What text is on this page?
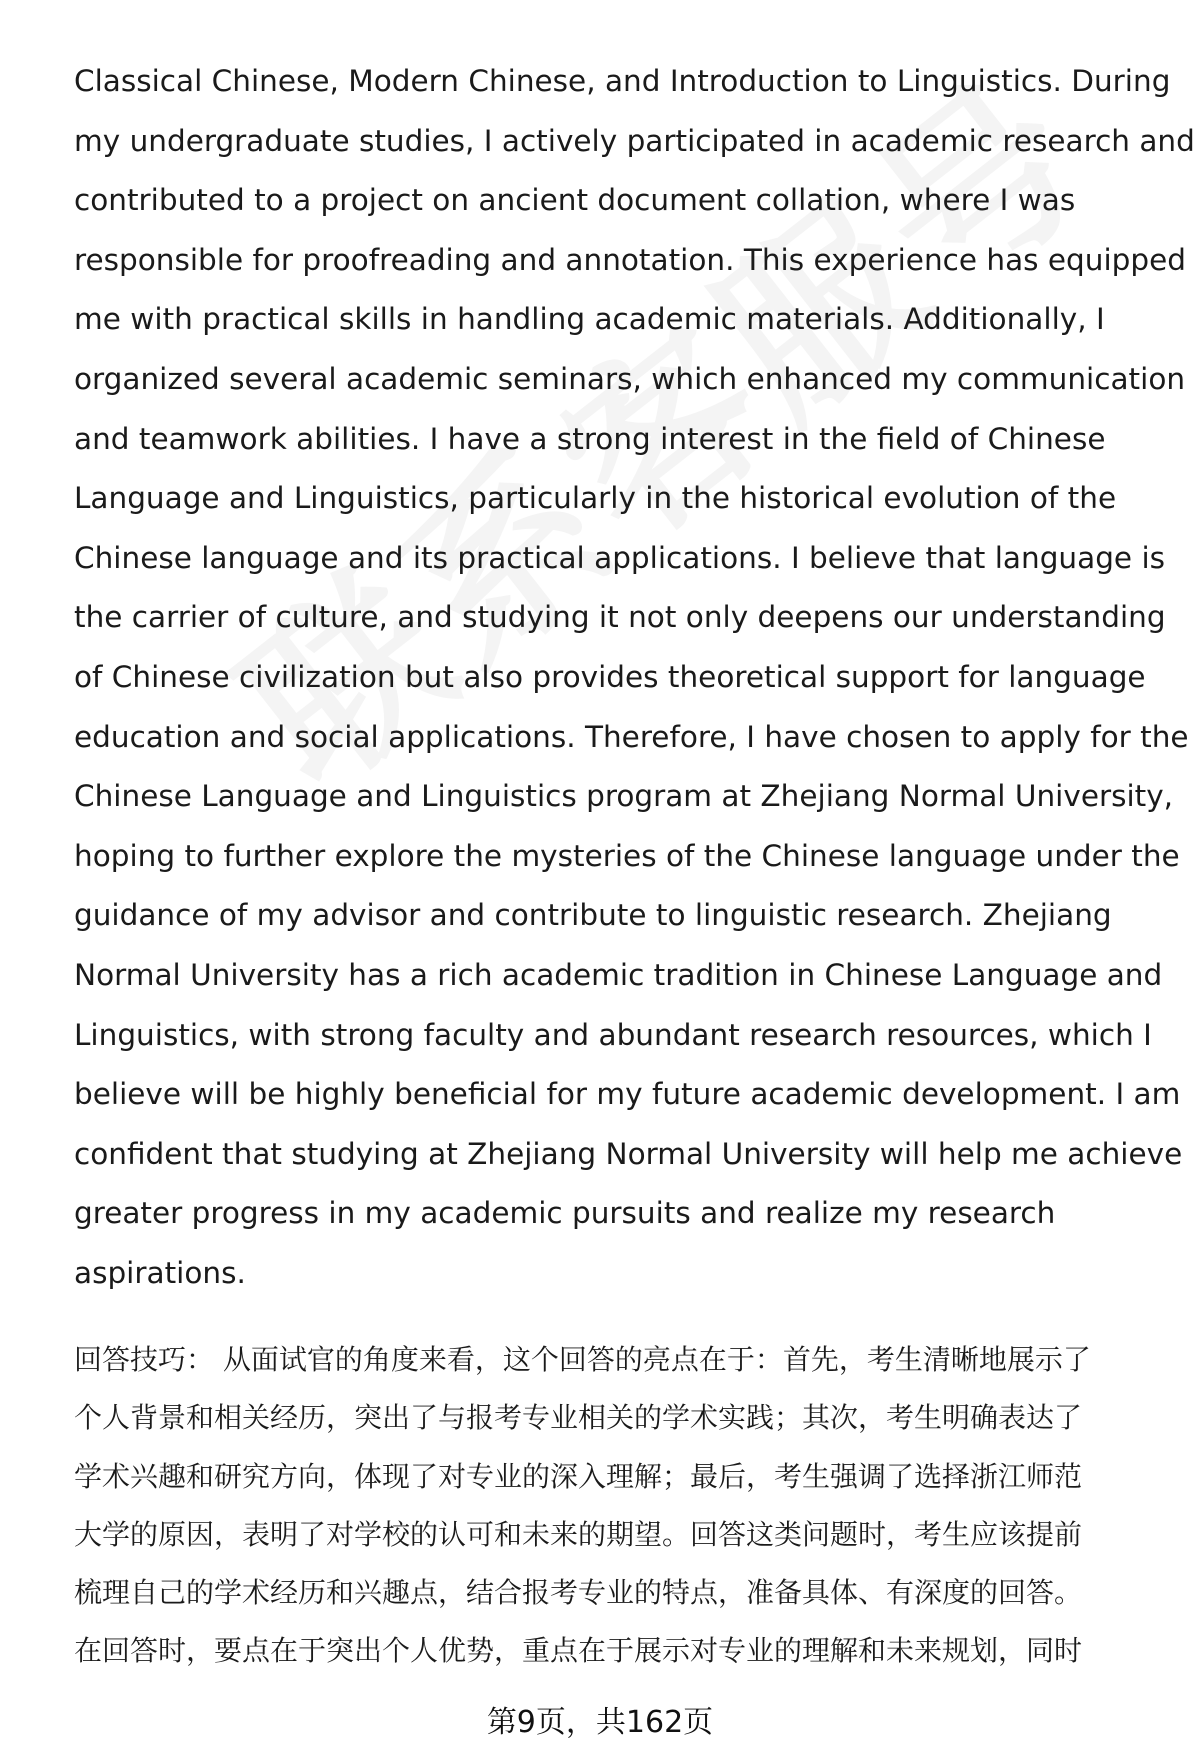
Classical Chinese, Modern Chinese, and Introduction to Linguistics. During
my undergraduate studies, I actively participated in academic research and
contributed to a project on ancient document collation, where I was
responsible for proofreading and annotation. This experience has equipped
me with practical skills in handling academic materials. Additionally, I
organized several academic seminars, which enhanced my communication
and teamwork abilities. I have a strong interest in the field of Chinese
Language and Linguistics, particularly in the historical evolution of the
Chinese language and its practical applications. I believe that language is
the carrier of culture, and studying it not only deepens our understanding
of Chinese civilization but also provides theoretical support for language
education and social applications. Therefore, I have chosen to apply for the
Chinese Language and Linguistics program at Zhejiang Normal University,
hoping to further explore the mysteries of the Chinese language under the
guidance of my advisor and contribute to linguistic research. Zhejiang
Normal University has a rich academic tradition in Chinese Language and
Linguistics, with strong faculty and abundant research resources, which I
believe will be highly beneficial for my future academic development. I am
confident that studying at Zhejiang Normal University will help me achieve
greater progress in my academic pursuits and realize my research
aspirations.
回答技巧： 从面试官的角度来看，这个回答的亮点在于：首先，考生清晰地展示了
个人背景和相关经历，突出了与报考专业相关的学术实践；其次，考生明确表达了
学术兴趣和研究方向，体现了对专业的深入理解；最后，考生强调了选择浙江师范
大学的原因，表明了对学校的认可和未来的期望。回答这类问题时，考生应该提前
梳理自己的学术经历和兴趣点，结合报考专业的特点，准备具体、有深度的回答。
在回答时，要点在于突出个人优势，重点在于展示对专业的理解和未来规划，同时
第9页，共162页
